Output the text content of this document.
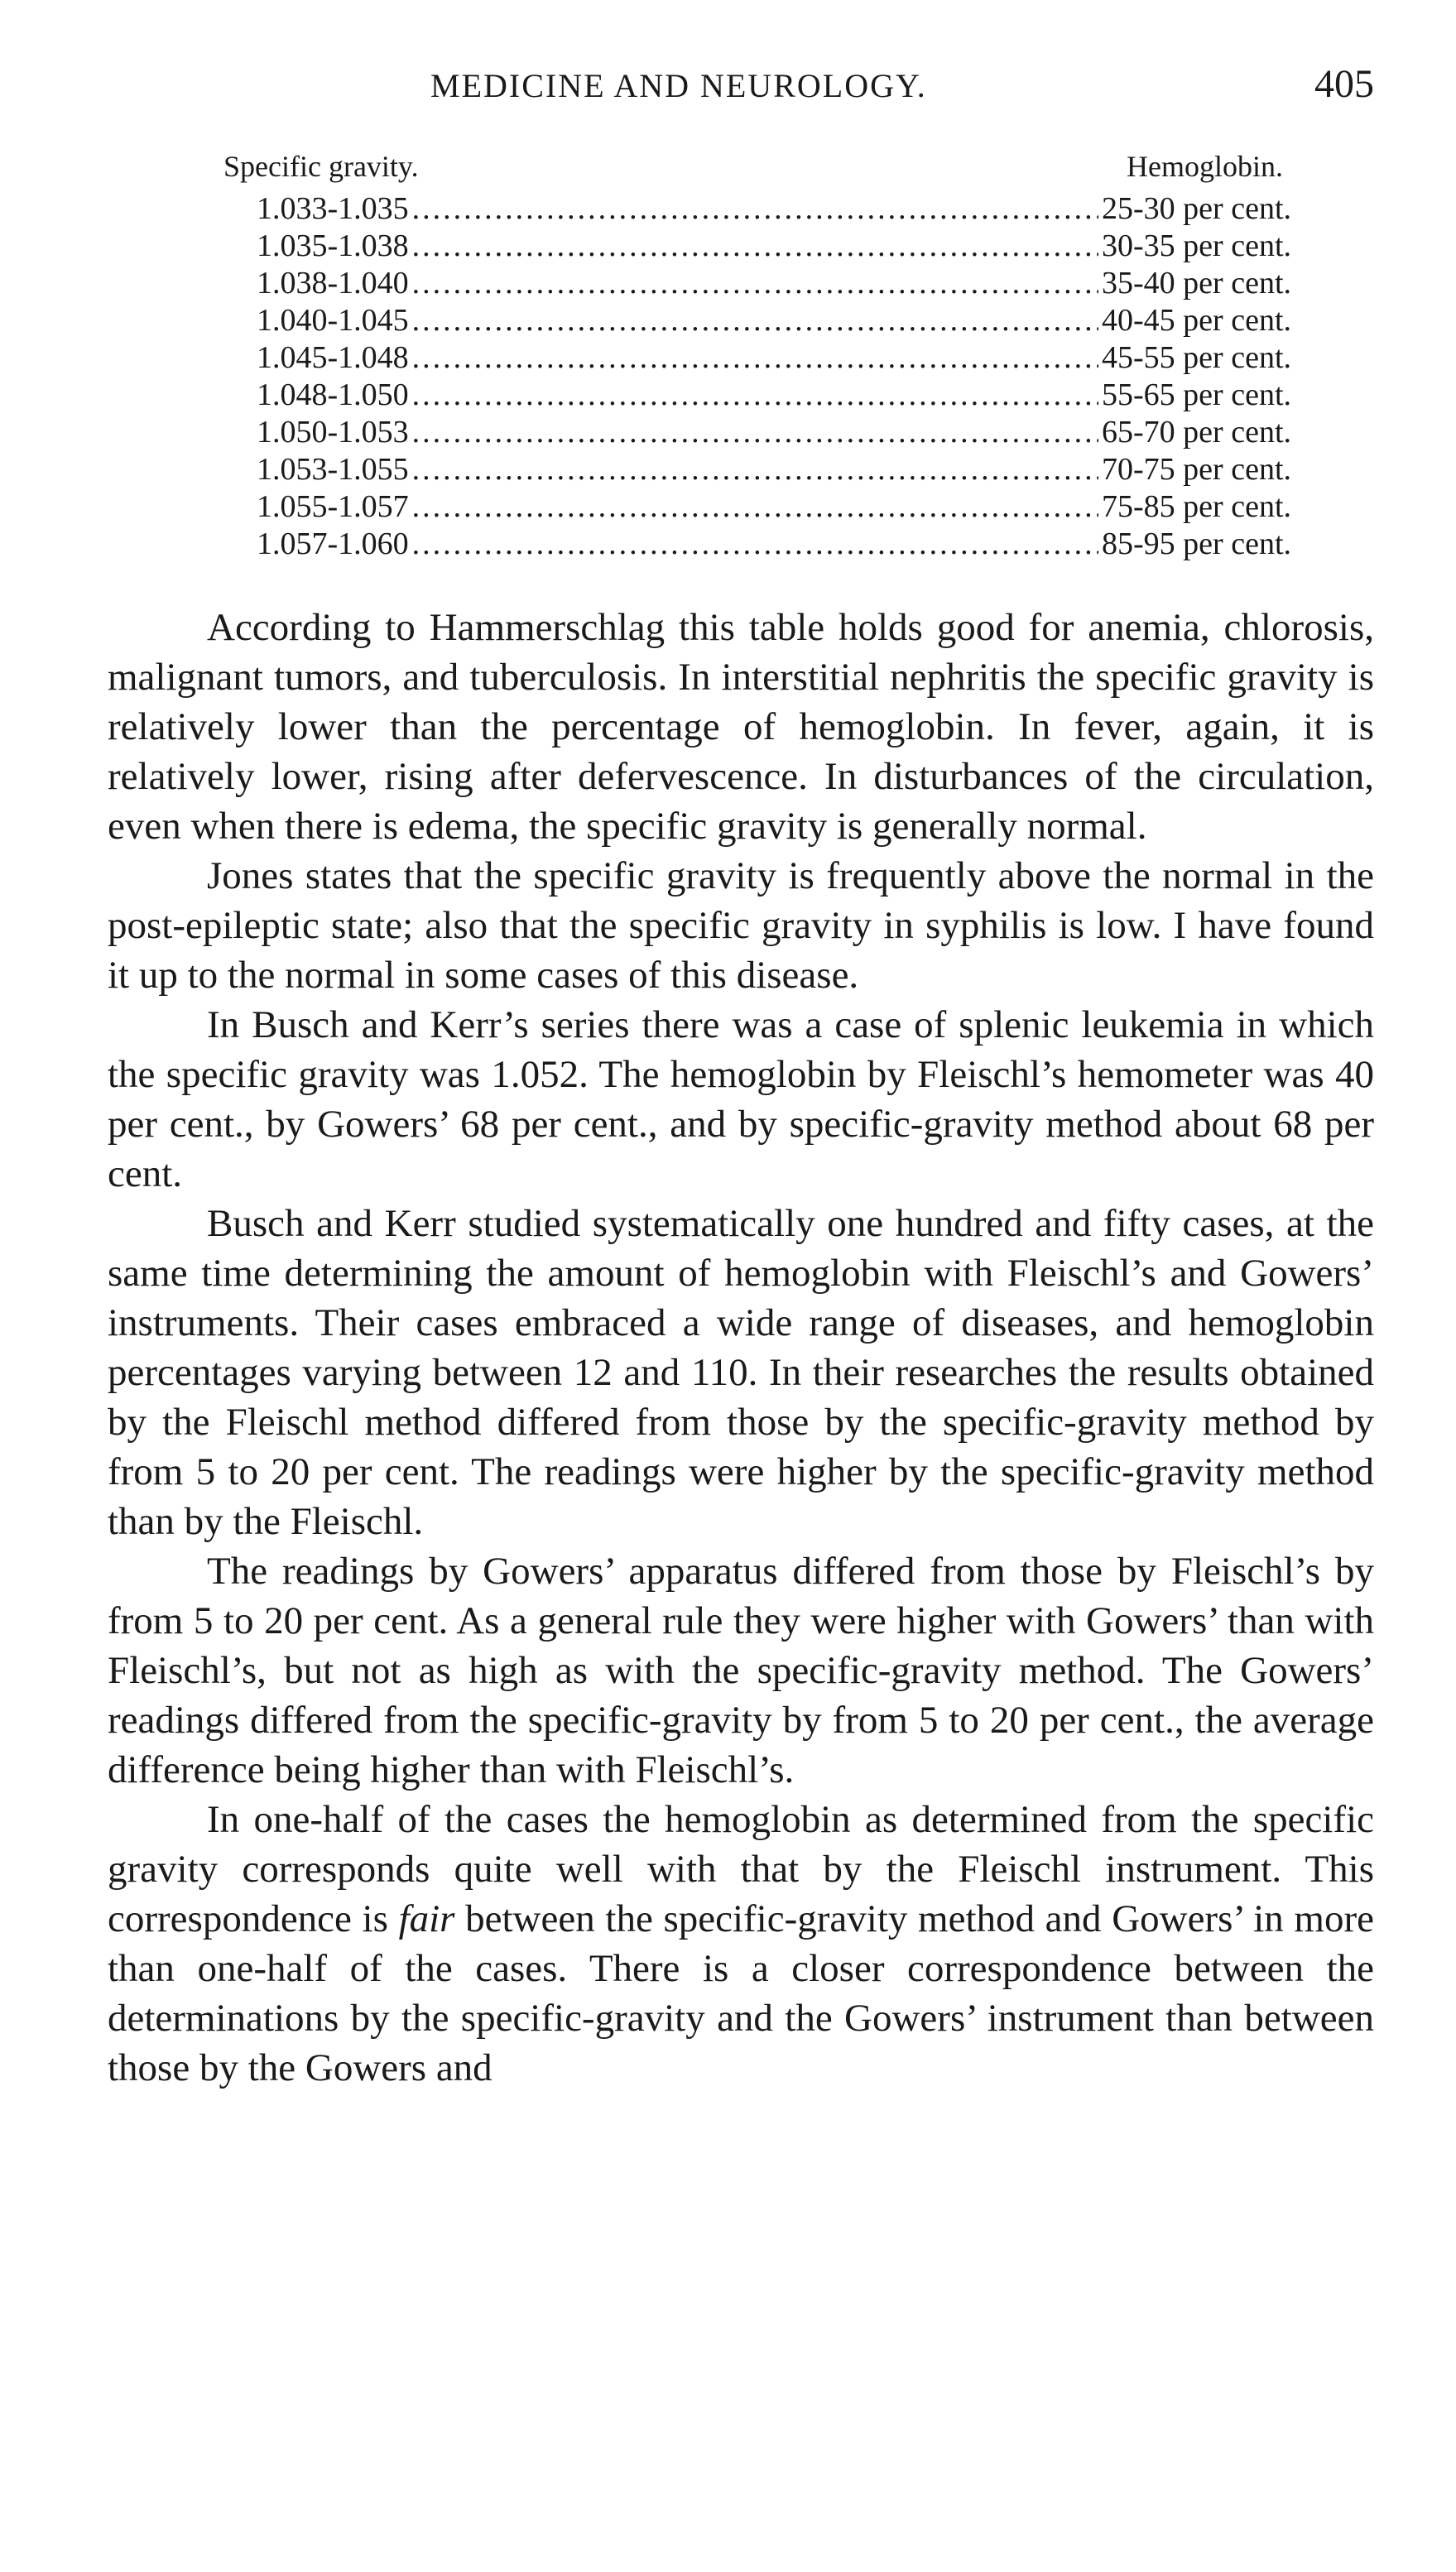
MEDICINE AND NEUROLOGY.	405
Specific gravity.	Hemoglobin.
1.033-1.035 .....	25-30 per cent.
1.035-1.038 .....	30-35 per cent.
1.038-1.040 .....	35-40 per cent.
1.040-1.045 .....	40-45 per cent.
1.045-1.048 .....	45-55 per cent.
1.048-1.050 .....	55-65 per cent.
1.050-1.053 .....	65-70 per cent.
1.053-1.055 .....	70-75 per cent.
1.055-1.057 .....	75-85 per cent.
1.057-1.060 .....	85-95 per cent.

According to Hammerschlag this table holds good for anemia, chlorosis, malignant tumors, and tuberculosis. In interstitial nephritis the specific gravity is relatively lower than the percentage of hemoglobin. In fever, again, it is relatively lower, rising after defervescence. In disturbances of the circulation, even when there is edema, the specific gravity is generally normal.

Jones states that the specific gravity is frequently above the normal in the post-epileptic state; also that the specific gravity in syphilis is low. I have found it up to the normal in some cases of this disease.

In Busch and Kerr’s series there was a case of splenic leukemia in which the specific gravity was 1.052. The hemoglobin by Fleischl’s hemometer was 40 per cent., by Gowers’ 68 per cent., and by specific-gravity method about 68 per cent.

Busch and Kerr studied systematically one hundred and fifty cases, at the same time determining the amount of hemoglobin with Fleischl’s and Gowers’ instruments. Their cases embraced a wide range of diseases, and hemoglobin percentages varying between 12 and 110. In their researches the results obtained by the Fleischl method differed from those by the specific-gravity method by from 5 to 20 per cent. The readings were higher by the specific-gravity method than by the Fleischl.

The readings by Gowers’ apparatus differed from those by Fleischl’s by from 5 to 20 per cent. As a general rule they were higher with Gowers’ than with Fleischl’s, but not as high as with the specific-gravity method. The Gowers’ readings differed from the specific-gravity by from 5 to 20 per cent., the average difference being higher than with Fleischl’s.

In one-half of the cases the hemoglobin as determined from the specific gravity corresponds quite well with that by the Fleischl instrument. This correspondence is fair between the specific-gravity method and Gowers’ in more than one-half of the cases. There is a closer correspondence between the determinations by the specific-gravity and the Gowers’ instrument than between those by the Gowers and
